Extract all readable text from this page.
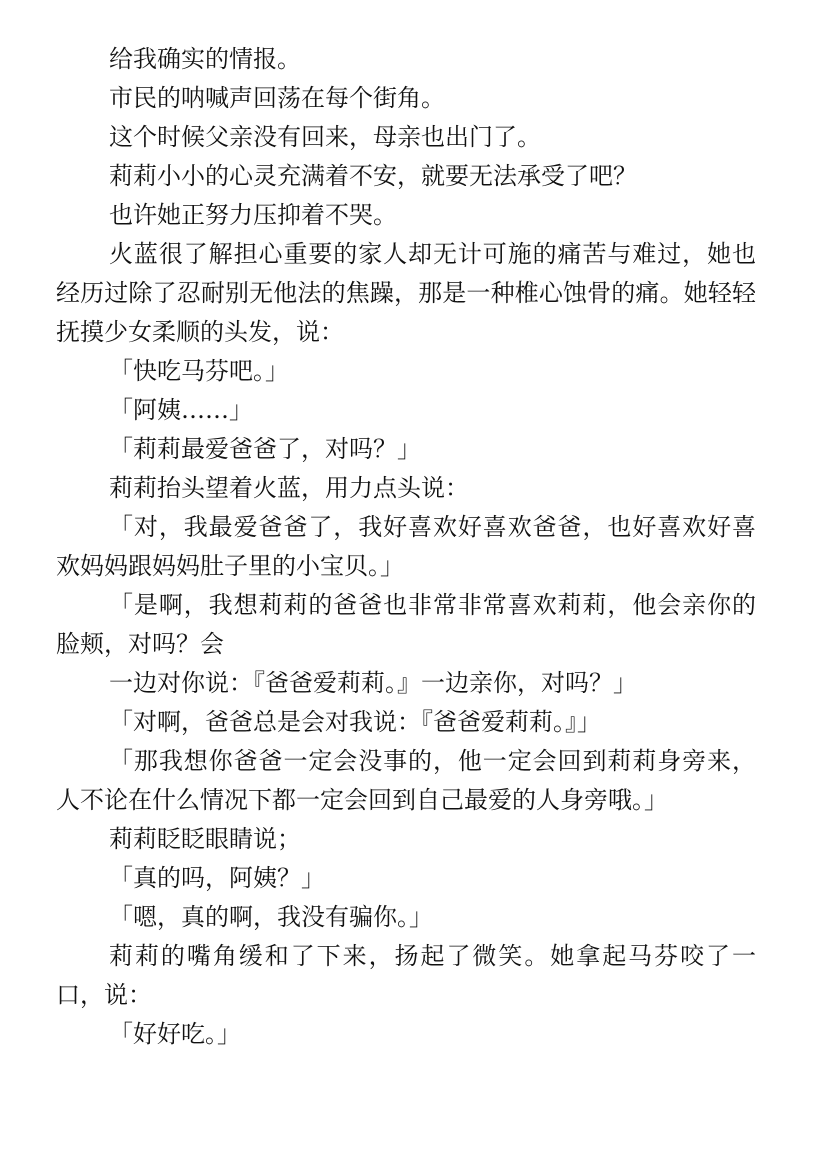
给我确实的情报。

市民的呐喊声回荡在每个街角。

这个时候父亲没有回来，母亲也出门了。

莉莉小小的心灵充满着不安，就要无法承受了吧？

也许她正努力压抑着不哭。

火蓝很了解担心重要的家人却无计可施的痛苦与难过，她也经历过除了忍耐别无他法的焦躁，那是一种椎心蚀骨的痛。她轻轻抚摸少女柔顺的头发，说：

「快吃马芬吧。」

「阿姨……」

「莉莉最爱爸爸了，对吗？」

莉莉抬头望着火蓝，用力点头说：

「对，我最爱爸爸了，我好喜欢好喜欢爸爸，也好喜欢好喜欢妈妈跟妈妈肚子里的小宝贝。」

「是啊，我想莉莉的爸爸也非常非常喜欢莉莉，他会亲你的脸颊，对吗？会

一边对你说：『爸爸爱莉莉。』一边亲你，对吗？」

「对啊，爸爸总是会对我说：『爸爸爱莉莉。』」

「那我想你爸爸一定会没事的，他一定会回到莉莉身旁来，人不论在什么情况下都一定会回到自己最爱的人身旁哦。」

莉莉眨眨眼睛说；

「真的吗，阿姨？」

「嗯，真的啊，我没有骗你。」

莉莉的嘴角缓和了下来，扬起了微笑。她拿起马芬咬了一口，说：

「好好吃。」
